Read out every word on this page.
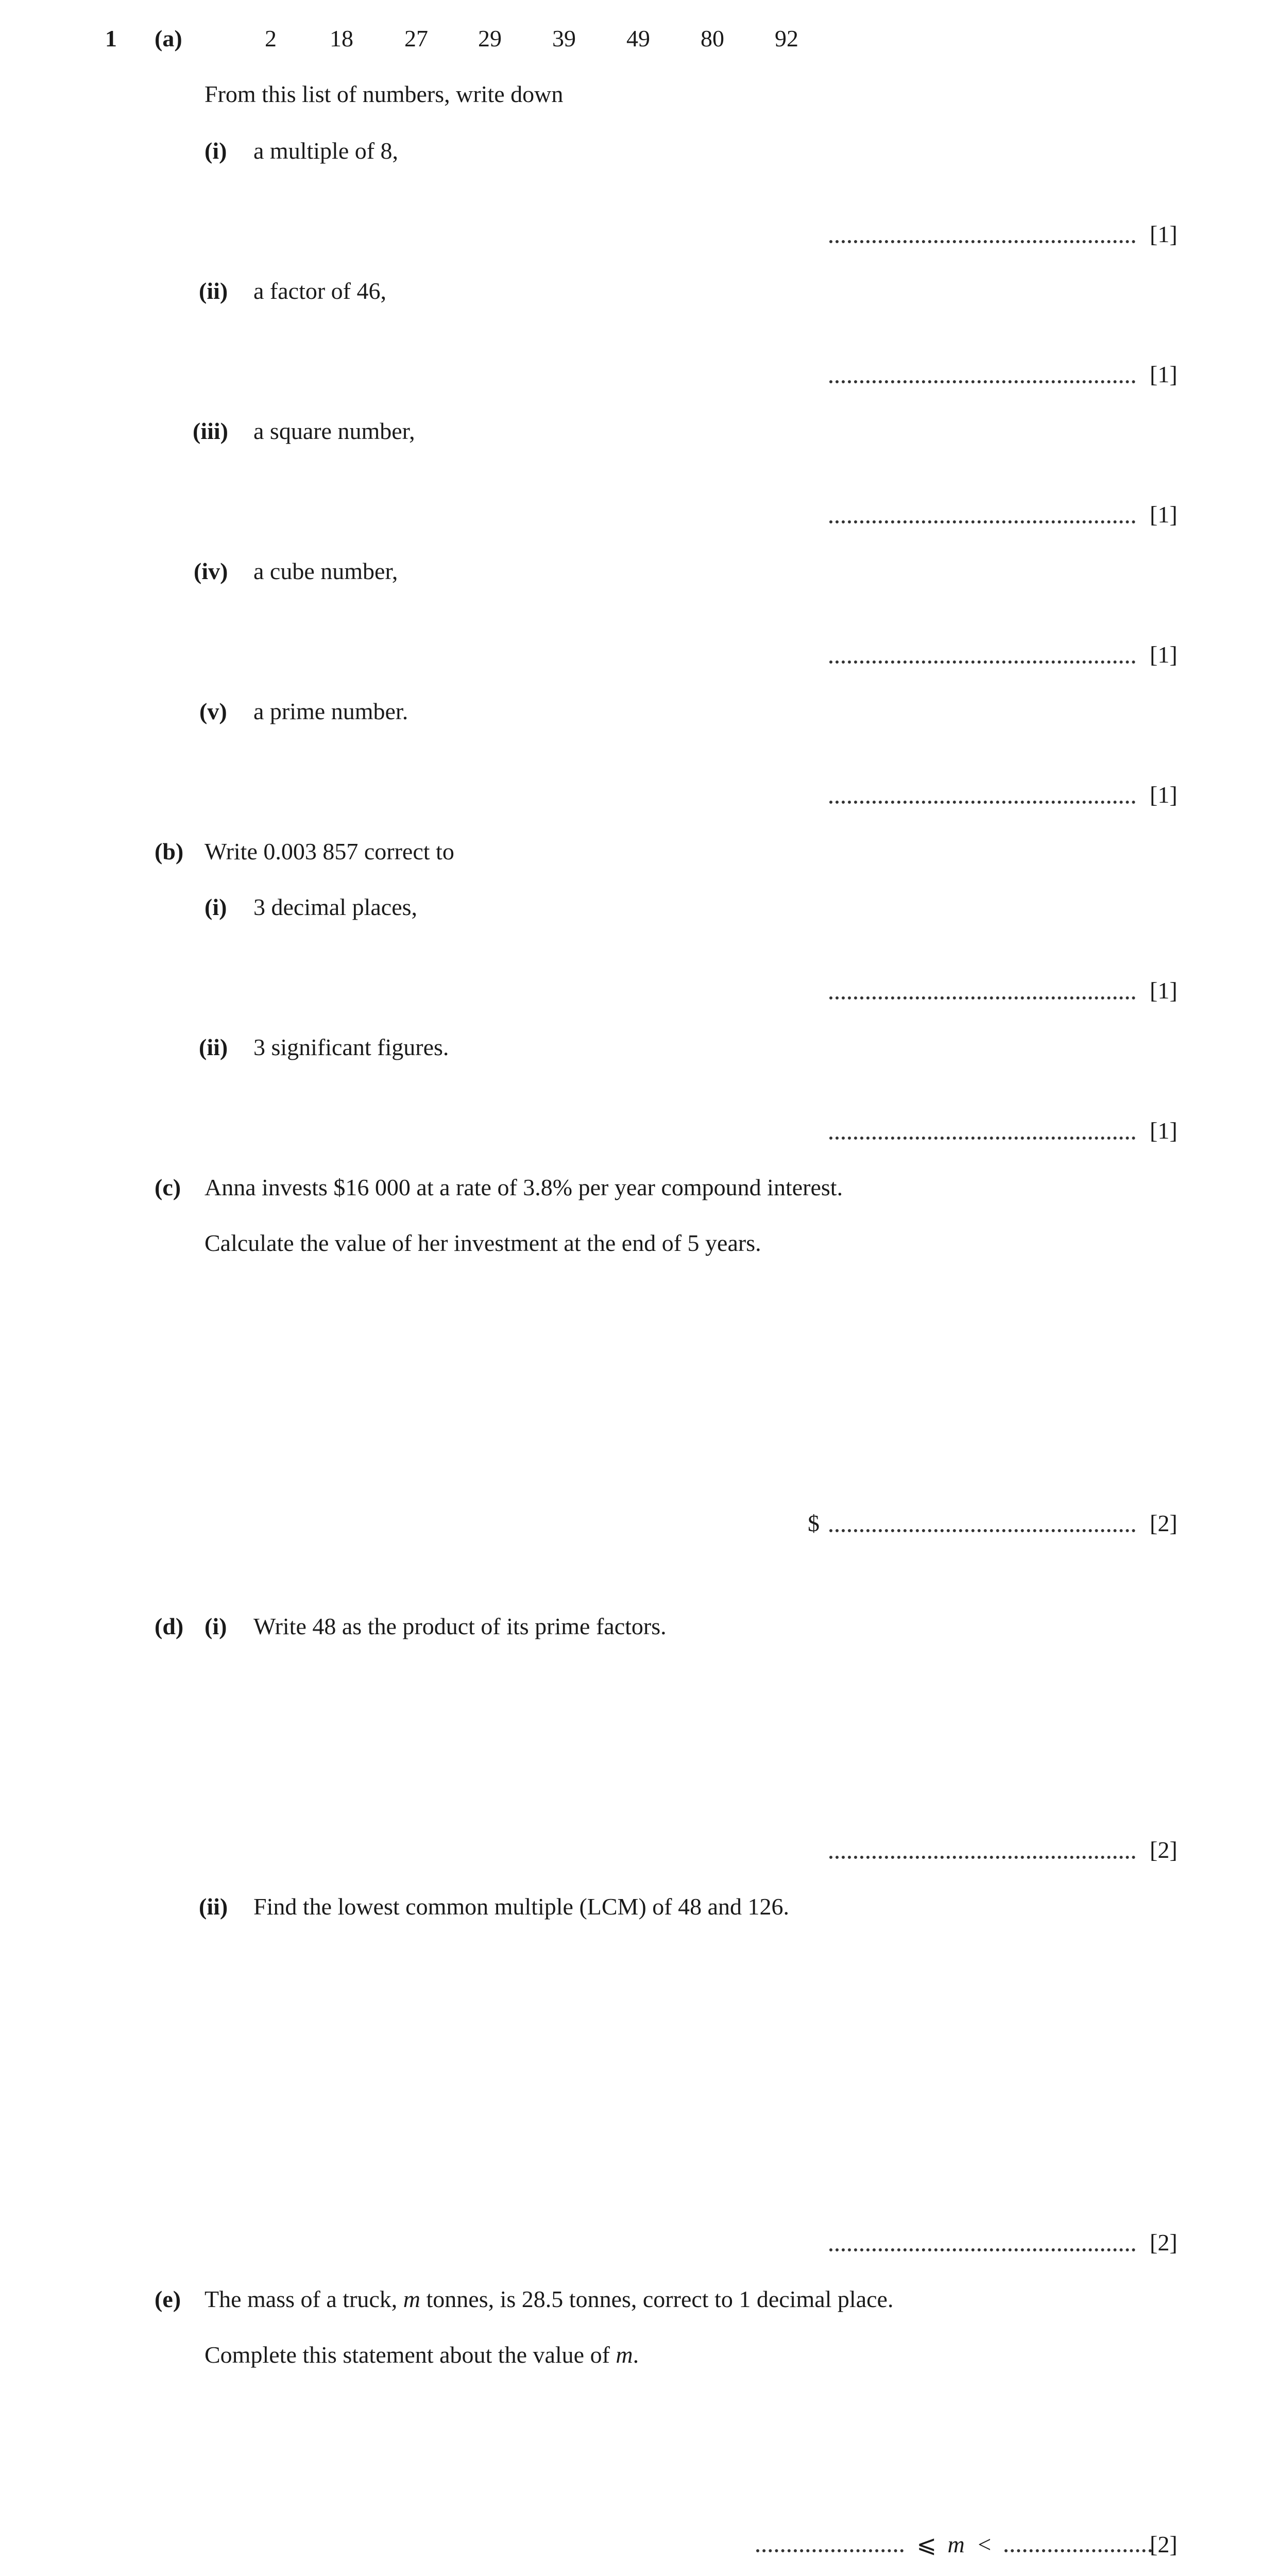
1 (a)	2 18 27 29 39 49 80 92
From this list of numbers, write down
(i) a multiple of 8,
[1]
(ii) a factor of 46,
[1]
(iii) a square number,
[1]
(iv) a cube number,
[1]
(v) a prime number.
[1]
(b) Write 0.003 857 correct to
(i) 3 decimal places,
[1]
(ii) 3 significant figures.
[1]
(c) Anna invests $16 000 at a rate of 3.8% per year compound interest.
Calculate the value of her investment at the end of 5 years.
$	[2]
(d) (i) Write 48 as the product of its prime factors.
[2]
(ii) Find the lowest common multiple (LCM) of 48 and 126.
[2]
(e) The mass of a truck, m tonnes, is 28.5 tonnes, correct to 1 decimal place.
Complete this statement about the value of m.
⩽ m <	[2]
